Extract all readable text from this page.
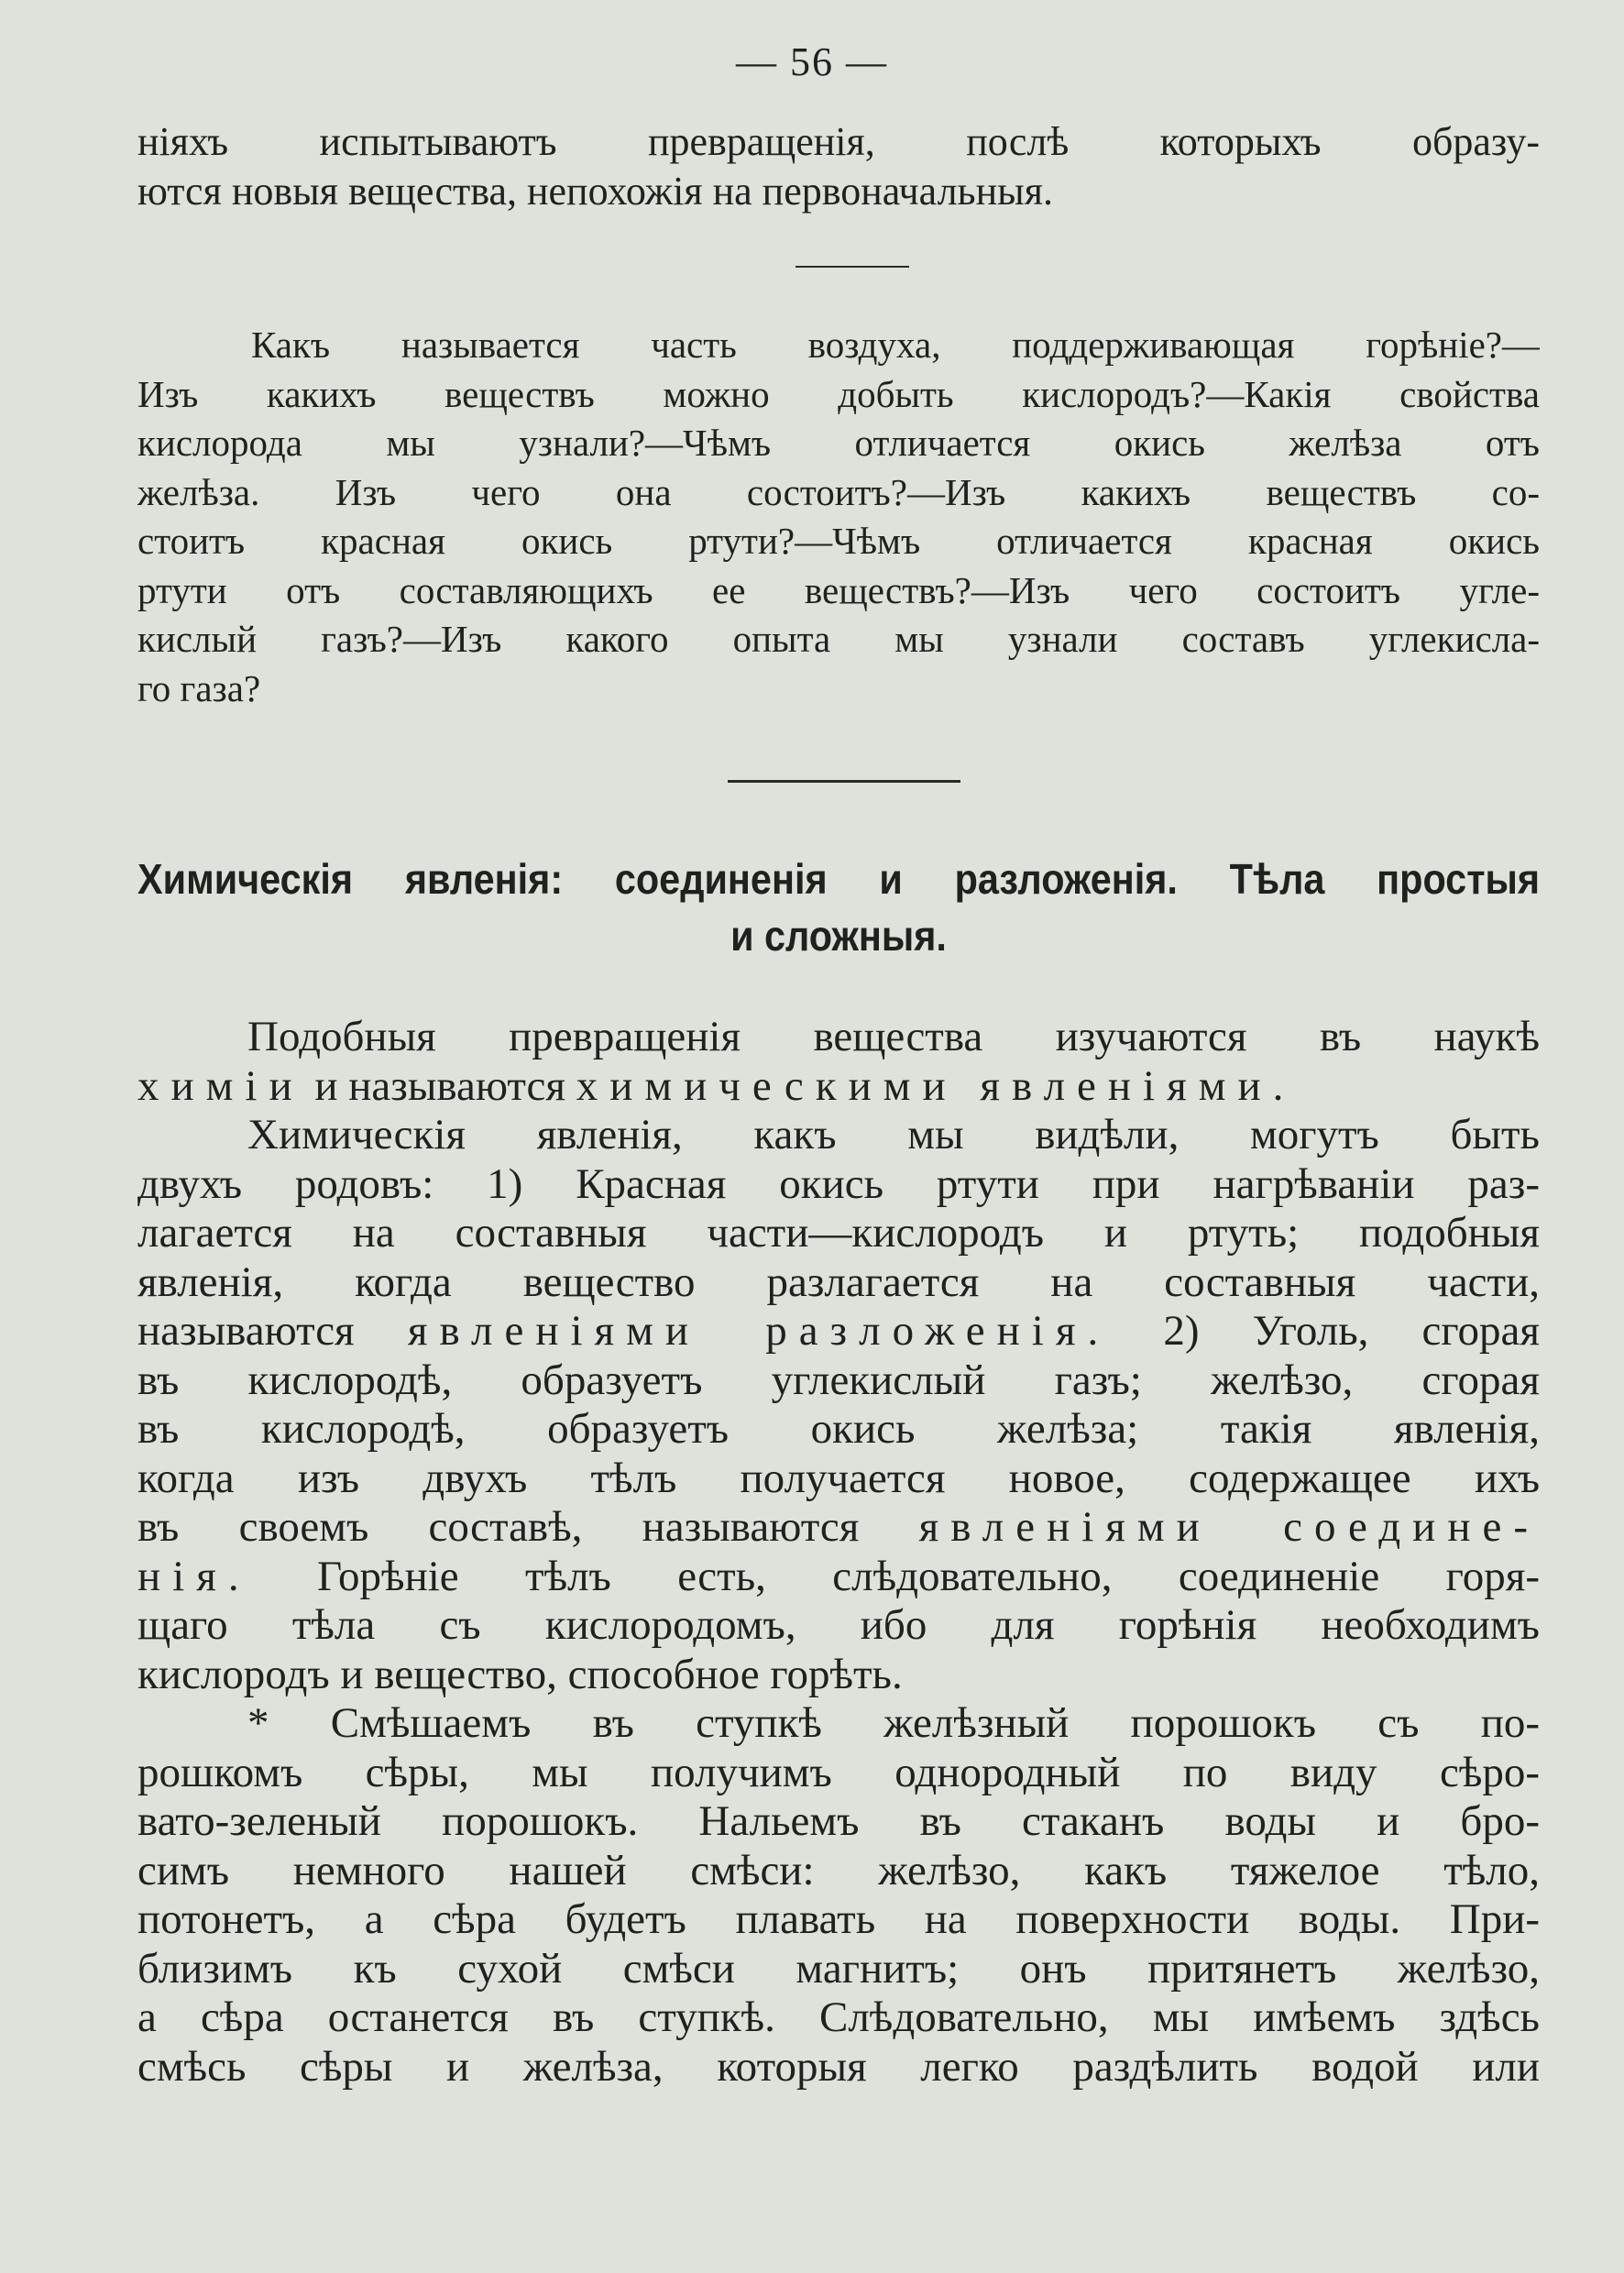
— 56 —
ніяхъ испытываютъ превращенія, послѣ которыхъ образу-
ются новыя вещества, непохожія на первоначальныя.
Какъ называется часть воздуха, поддерживающая горѣніе?—
Изъ какихъ веществъ можно добыть кислородъ?—Какія свойства
кислорода мы узнали?—Чѣмъ отличается окись желѣза отъ
желѣза. Изъ чего она состоитъ?—Изъ какихъ веществъ со-
стоитъ красная окись ртути?—Чѣмъ отличается красная окись
ртути отъ составляющихъ ее веществъ?—Изъ чего состоитъ угле-
кислый газъ?—Изъ какого опыта мы узнали составъ углекисла-
го газа?
Химическія явленія: соединенія и разложенія. Тѣла простыя
и сложныя.
Подобныя превращенія вещества изучаются въ наукѣ
химіи и называются химическими явленіями.
Химическія явленія, какъ мы видѣли, могутъ быть
двухъ родовъ: 1) Красная окись ртути при нагрѣваніи раз-
лагается на составныя части—кислородъ и ртуть; подобныя
явленія, когда вещество разлагается на составныя части,
называются явленіями разложенія. 2) Уголь, сгорая
въ кислородѣ, образуетъ углекислый газъ; желѣзо, сгорая
въ кислородѣ, образуетъ окись желѣза; такія явленія,
когда изъ двухъ тѣлъ получается новое, содержащее ихъ
въ своемъ составѣ, называются явленіями соедине-
нія. Горѣніе тѣлъ есть, слѣдовательно, соединеніе горя-
щаго тѣла съ кислородомъ, ибо для горѣнія необходимъ
кислородъ и вещество, способное горѣть.
* Смѣшаемъ въ ступкѣ желѣзный порошокъ съ по-
рошкомъ сѣры, мы получимъ однородный по виду сѣро-
вато-зеленый порошокъ. Нальемъ въ стаканъ воды и бро-
симъ немного нашей смѣси: желѣзо, какъ тяжелое тѣло,
потонетъ, а сѣра будетъ плавать на поверхности воды. При-
близимъ къ сухой смѣси магнитъ; онъ притянетъ желѣзо,
а сѣра останется въ ступкѣ. Слѣдовательно, мы имѣемъ здѣсь
смѣсь сѣры и желѣза, которыя легко раздѣлить водой или
